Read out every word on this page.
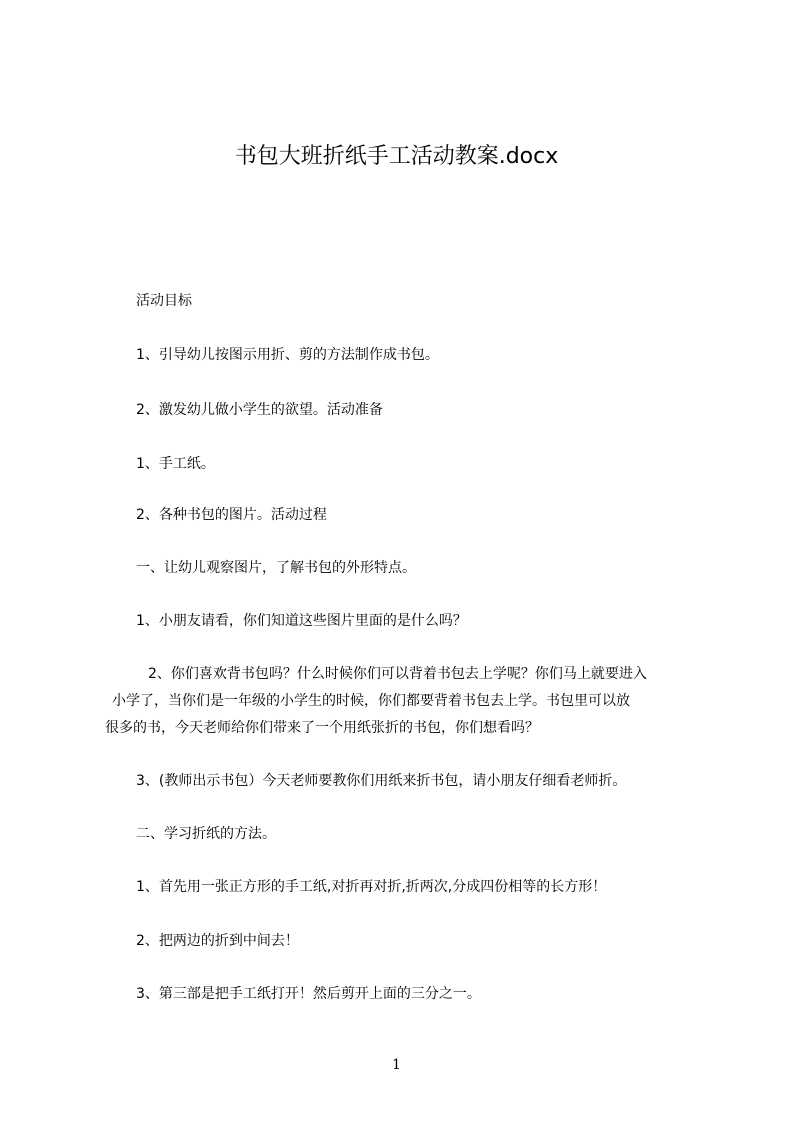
书包大班折纸手工活动教案.docx
活动目标
1、引导幼儿按图示用折、剪的方法制作成书包。
2、激发幼儿做小学生的欲望。活动准备
1、手工纸。
2、各种书包的图片。活动过程
一、让幼儿观察图片，了解书包的外形特点。
1、小朋友请看，你们知道这些图片里面的是什么吗？
2、你们喜欢背书包吗？什么时候你们可以背着书包去上学呢？你们马上就要进入
小学了，当你们是一年级的小学生的时候，你们都要背着书包去上学。书包里可以放
很多的书，今天老师给你们带来了一个用纸张折的书包，你们想看吗？
3、(教师出示书包）今天老师要教你们用纸来折书包，请小朋友仔细看老师折。
二、学习折纸的方法。
1、首先用一张正方形的手工纸,对折再对折,折两次,分成四份相等的长方形！
2、把两边的折到中间去！
3、第三部是把手工纸打开！然后剪开上面的三分之一。
1
